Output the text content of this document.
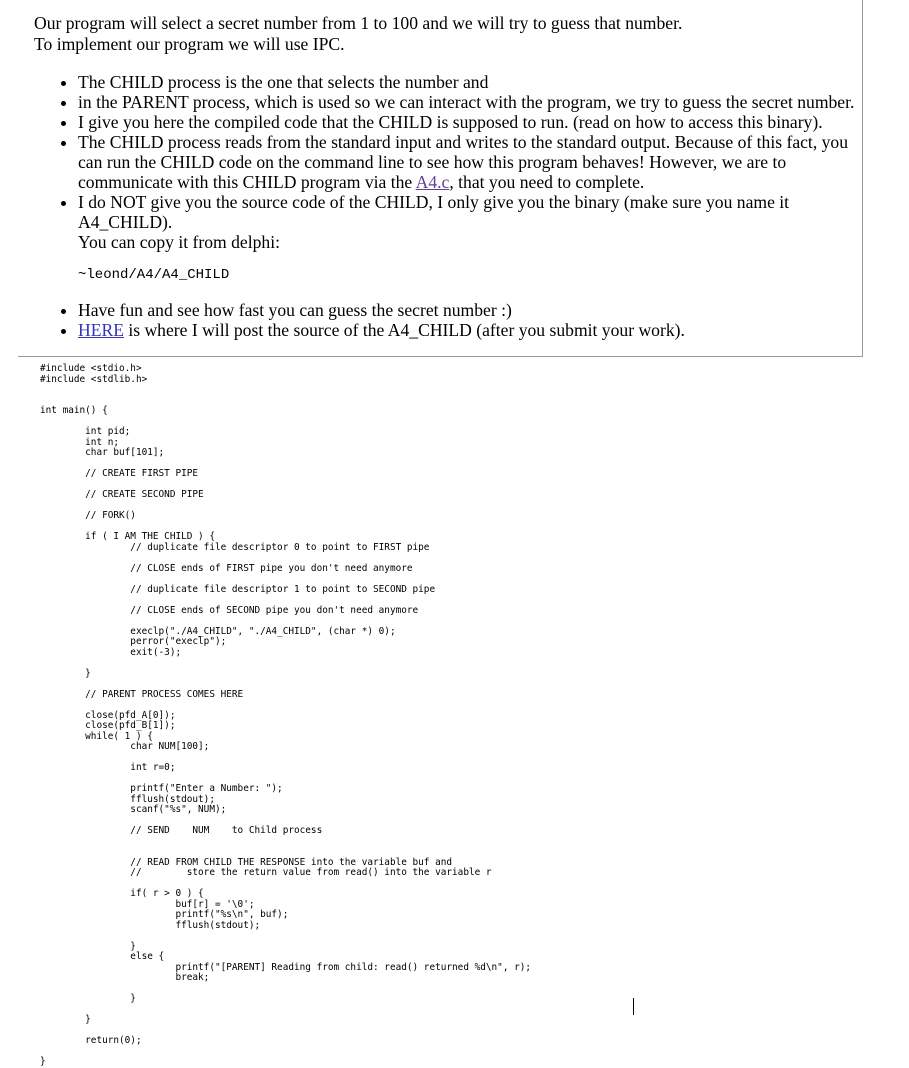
Our program will select a secret number from 1 to 100 and we will try to guess that number.
To implement our program we will use IPC.

• The CHILD process is the one that selects the number and
• in the PARENT process, which is used so we can interact with the program, we try to guess the secret number.
• I give you here the compiled code that the CHILD is supposed to run. (read on how to access this binary).
• The CHILD process reads from the standard input and writes to the standard output. Because of this fact, you
can run the CHILD code on the command line to see how this program behaves! However, we are to
communicate with this CHILD program via the A4.c, that you need to complete.
• I do NOT give you the source code of the CHILD, I only give you the binary (make sure you name it
A4_CHILD).
You can copy it from delphi:
~leond/A4/A4_CHILD
• Have fun and see how fast you can guess the secret number :)
• HERE is where I will post the source of the A4_CHILD (after you submit your work).
#include <stdio.h>
#include <stdlib.h>
int main() {
int pid;
int n;
char buf[101];
// CREATE FIRST PIPE
// CREATE SECOND PIPE
// FORK()
if ( I AM THE CHILD ) {
// duplicate file descriptor 0 to point to FIRST pipe
// CLOSE ends of FIRST pipe you don't need anymore
// duplicate file descriptor 1 to point to SECOND pipe
// CLOSE ends of SECOND pipe you don't need anymore
execlp("./A4_CHILD", "./A4_CHILD", (char *) 0);
perror("execlp");
exit(-3);
}
// PARENT PROCESS COMES HERE
close(pfd_A[0]);
close(pfd_B[1]);
while( 1 ) {
char NUM[100];
int r=0;
printf("Enter a Number: ");
fflush(stdout);
scanf("%s", NUM);
// SEND    NUM    to Child process
// READ FROM CHILD THE RESPONSE into the variable buf and
//        store the return value from read() into the variable r
if( r > 0 ) {
buf[r] = '\0';
printf("%s\n", buf);
fflush(stdout);
}
else {
printf("[PARENT] Reading from child: read() returned %d\n", r);
break;
}
}
return(0);
}
